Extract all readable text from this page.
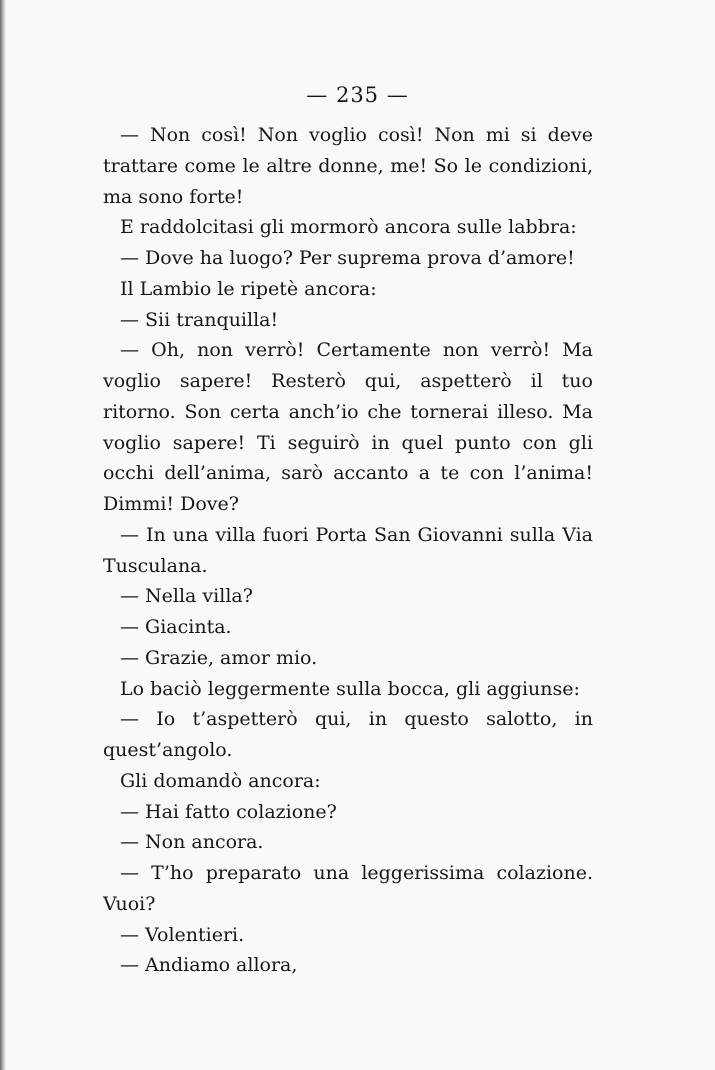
— 235 —

— Non così! Non voglio così! Non mi si deve trattare come le altre donne, me! So le condizioni, ma sono forte!

E raddolcitasi gli mormorò ancora sulle labbra:

— Dove ha luogo? Per suprema prova d’amore!

Il Lambio le ripetè ancora:

— Sii tranquilla!

— Oh, non verrò! Certamente non verrò! Ma voglio sapere! Resterò qui, aspetterò il tuo ritorno. Son certa anch’io che tornerai illeso. Ma voglio sapere! Ti seguirò in quel punto con gli occhi dell’anima, sarò accanto a te con l’anima! Dimmi! Dove?

— In una villa fuori Porta San Giovanni sulla Via Tusculana.

— Nella villa?

— Giacinta.

— Grazie, amor mio.

Lo baciò leggermente sulla bocca, gli aggiunse:

— Io t’aspetterò qui, in questo salotto, in quest’angolo.

Gli domandò ancora:

— Hai fatto colazione?

— Non ancora.

— T’ho preparato una leggerissima colazione. Vuoi?

— Volentieri.

— Andiamo allora,
